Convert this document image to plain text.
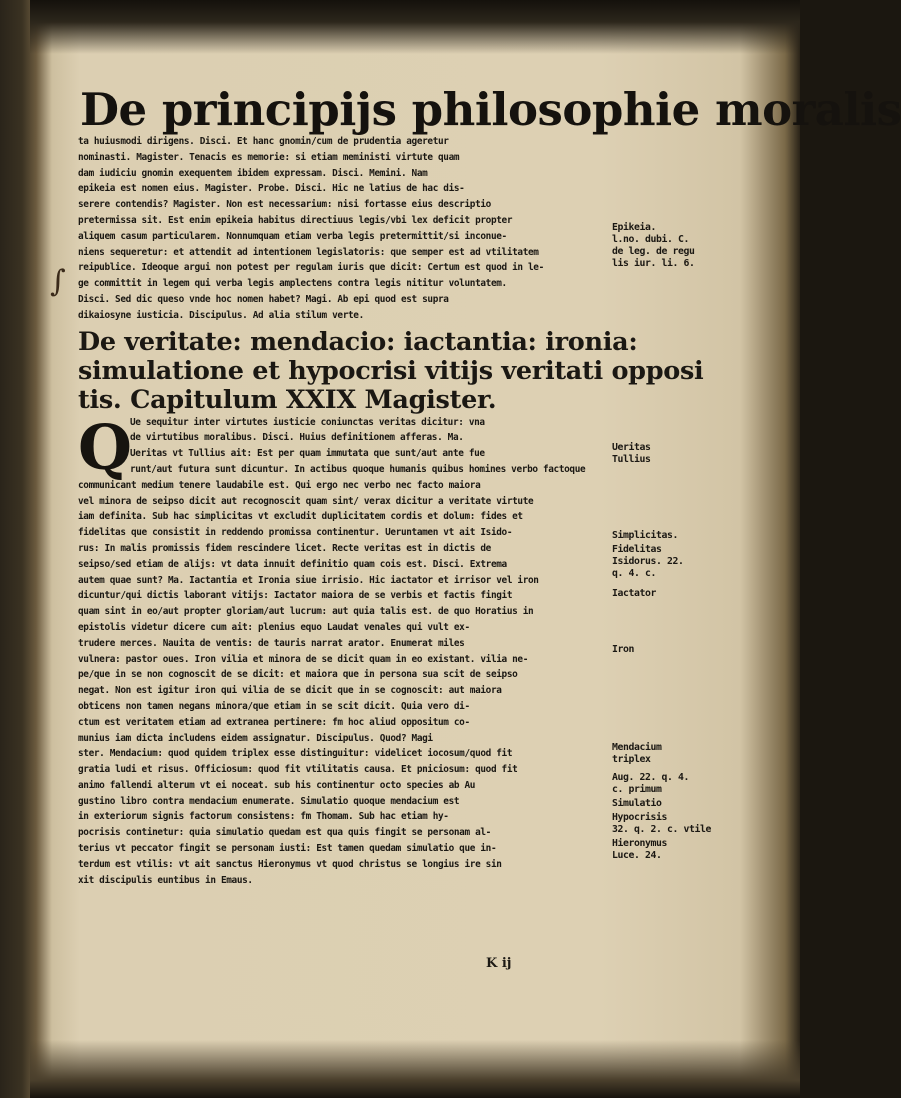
De principijs philosophie moralis

ta huiusmodi dirigens. Disci. Et hanc gnomin/cum de prudentia ageretur

nominasti. Magister. Tenacis es memorie: si etiam meministi virtute quam

dam iudiciu gnomin exequentem ibidem expressam. Disci. Memini. Nam

epikeia est nomen eius. Magister. Probe. Disci. Hic ne latius de hac dis-

serere contendis? Magister. Non est necessarium: nisi fortasse eius descriptio

pretermissa sit. Est enim epikeia habitus directiuus legis/vbi lex deficit propter

aliquem casum particularem. Nonnumquam etiam verba legis pretermittit/si inconue-

niens sequeretur: et attendit ad intentionem legislatoris: que semper est ad vtilitatem

reipublice. Ideoque argui non potest per regulam iuris que dicit: Certum est quod in le-

ge committit in legem qui verba legis amplectens contra legis nititur voluntatem.

Disci. Sed dic queso vnde hoc nomen habet? Magi. Ab epi quod est supra

dikaiosyne iusticia. Discipulus. Ad alia stilum verte.

De veritate: mendacio: iactantia: ironia:
simulatione et hypocrisi vitijs veritati opposi
tis. Capitulum XXIX Magister.
Q

Ue sequitur inter virtutes iusticie coniunctas veritas dicitur: vna

de virtutibus moralibus. Disci. Huius definitionem afferas. Ma.

Ueritas vt Tullius ait: Est per quam immutata que sunt/aut ante fue

runt/aut futura sunt dicuntur. In actibus quoque humanis quibus homines verbo factoque

communicant medium tenere laudabile est. Qui ergo nec verbo nec facto maiora

vel minora de seipso dicit aut recognoscit quam sint/ verax dicitur a veritate virtute

iam definita. Sub hac simplicitas vt excludit duplicitatem cordis et dolum: fides et

fidelitas que consistit in reddendo promissa continentur. Ueruntamen vt ait Isido-

rus: In malis promissis fidem rescindere licet. Recte veritas est in dictis de

seipso/sed etiam de alijs: vt data innuit definitio quam cois est. Disci. Extrema

autem quae sunt? Ma. Iactantia et Ironia siue irrisio. Hic iactator et irrisor vel iron

dicuntur/qui dictis laborant vitijs: Iactator maiora de se verbis et factis fingit

quam sint in eo/aut propter gloriam/aut lucrum: aut quia talis est. de quo Horatius in

epistolis videtur dicere cum ait: plenius equo Laudat venales qui vult ex-

trudere merces. Nauita de ventis: de tauris narrat arator. Enumerat miles

vulnera: pastor oues. Iron vilia et minora de se dicit quam in eo existant. vilia ne-

pe/que in se non cognoscit de se dicit: et maiora que in persona sua scit de seipso

negat. Non est igitur iron qui vilia de se dicit que in se cognoscit: aut maiora

obticens non tamen negans minora/que etiam in se scit dicit. Quia vero di-

ctum est veritatem etiam ad extranea pertinere: fm hoc aliud oppositum co-

munius iam dicta includens eidem assignatur. Discipulus. Quod? Magi

ster. Mendacium: quod quidem triplex esse distinguitur: videlicet iocosum/quod fit

gratia ludi et risus. Officiosum: quod fit vtilitatis causa. Et pniciosum: quod fit

animo fallendi alterum vt ei noceat. sub his continentur octo species ab Au

gustino libro contra mendacium enumerate. Simulatio quoque mendacium est

in exteriorum signis factorum consistens: fm Thomam. Sub hac etiam hy-

pocrisis continetur: quia simulatio quedam est qua quis fingit se personam al-

terius vt peccator fingit se personam iusti: Est tamen quedam simulatio que in-

terdum est vtilis: vt ait sanctus Hieronymus vt quod christus se longius ire sin

xit discipulis euntibus in Emaus.

Epikeia.
l.no. dubi. C.
de leg. de regu
lis iur. li. 6.
Ueritas
Tullius
Simplicitas.
Fidelitas
Isidorus. 22.
q. 4. c.
Iactator
Iron
Mendacium
triplex
Aug. 22. q. 4.
c. primum
Simulatio
Hypocrisis
32. q. 2. c. vtile
Hieronymus
Luce. 24.
K ij
∫
